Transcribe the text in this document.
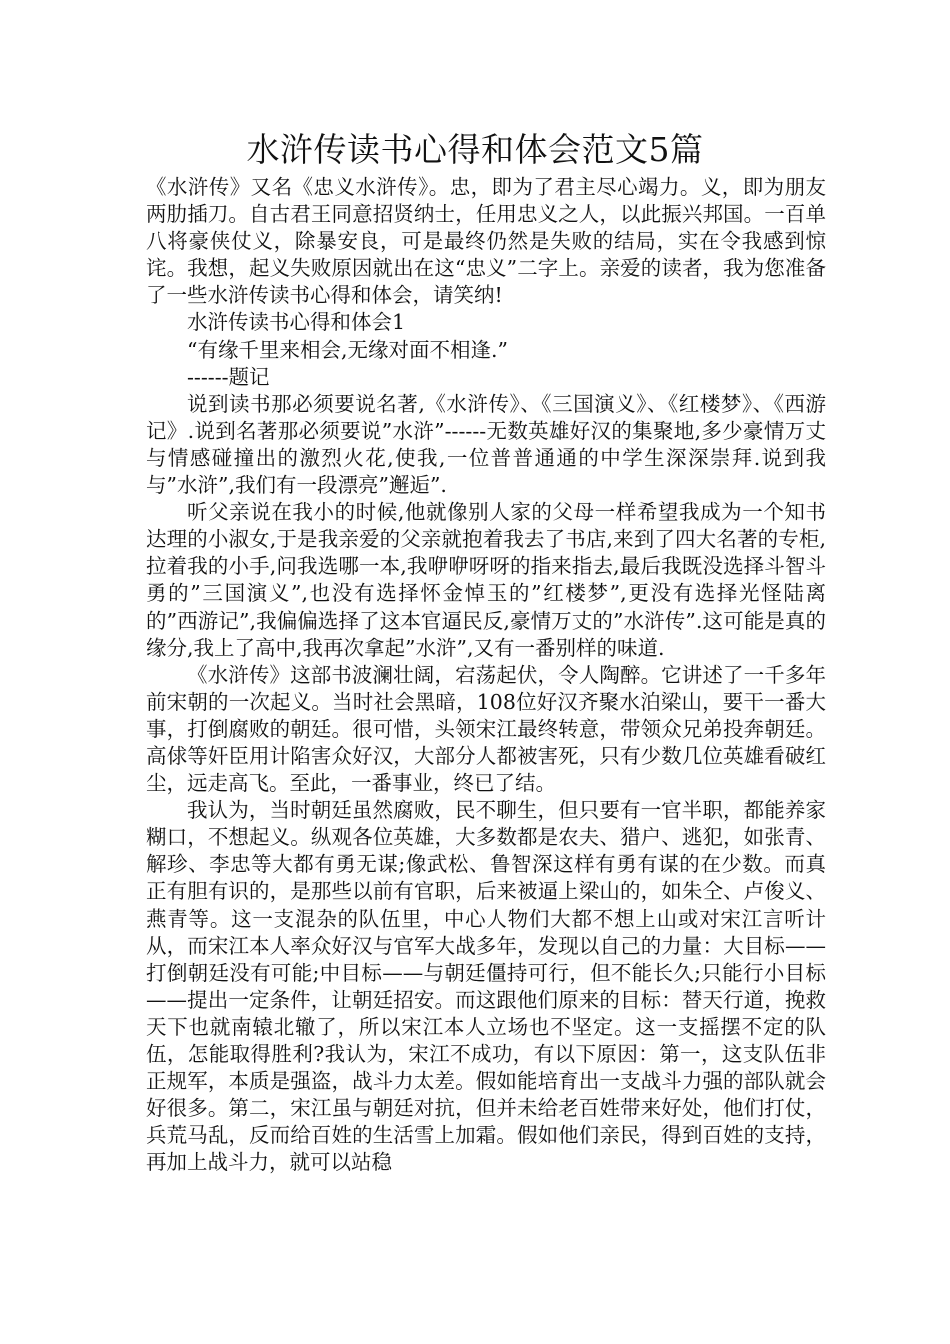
水浒传读书心得和体会范文5篇

《水浒传》又名《忠义水浒传》。忠，即为了君主尽心竭力。义，即为朋友两肋插刀。自古君王同意招贤纳士，任用忠义之人，以此振兴邦国。一百单八将豪侠仗义，除暴安良，可是最终仍然是失败的结局，实在令我感到惊诧。我想，起义失败原因就出在这“忠义”二字上。亲爱的读者，我为您准备了一些水浒传读书心得和体会，请笑纳!

水浒传读书心得和体会1

“有缘千里来相会,无缘对面不相逢.”

------题记

说到读书那必须要说名著,《水浒传》、《三国演义》、《红楼梦》、《西游记》.说到名著那必须要说”水浒”------无数英雄好汉的集聚地,多少豪情万丈与情感碰撞出的激烈火花,使我,一位普普通通的中学生深深崇拜.说到我与”水浒”,我们有一段漂亮”邂逅”.

听父亲说在我小的时候,他就像别人家的父母一样希望我成为一个知书达理的小淑女,于是我亲爱的父亲就抱着我去了书店,来到了四大名著的专柜,拉着我的小手,问我选哪一本,我咿咿呀呀的指来指去,最后我既没选择斗智斗勇的”三国演义”,也没有选择怀金悼玉的”红楼梦”,更没有选择光怪陆离的”西游记”,我偏偏选择了这本官逼民反,豪情万丈的”水浒传”.这可能是真的缘分,我上了高中,我再次拿起”水浒”,又有一番别样的味道.

《水浒传》这部书波澜壮阔，宕荡起伏，令人陶醉。它讲述了一千多年前宋朝的一次起义。当时社会黑暗，108位好汉齐聚水泊梁山，要干一番大事，打倒腐败的朝廷。很可惜，头领宋江最终转意，带领众兄弟投奔朝廷。高俅等奸臣用计陷害众好汉，大部分人都被害死，只有少数几位英雄看破红尘，远走高飞。至此，一番事业，终已了结。

我认为，当时朝廷虽然腐败，民不聊生，但只要有一官半职，都能养家糊口，不想起义。纵观各位英雄，大多数都是农夫、猎户、逃犯，如张青、解珍、李忠等大都有勇无谋;像武松、鲁智深这样有勇有谋的在少数。而真正有胆有识的，是那些以前有官职，后来被逼上梁山的，如朱仝、卢俊义、燕青等。这一支混杂的队伍里，中心人物们大都不想上山或对宋江言听计从，而宋江本人率众好汉与官军大战多年，发现以自己的力量：大目标——打倒朝廷没有可能;中目标——与朝廷僵持可行，但不能长久;只能行小目标——提出一定条件，让朝廷招安。而这跟他们原来的目标：替天行道，挽救天下也就南辕北辙了，所以宋江本人立场也不坚定。这一支摇摆不定的队伍，怎能取得胜利?我认为，宋江不成功，有以下原因：第一，这支队伍非正规军，本质是强盗，战斗力太差。假如能培育出一支战斗力强的部队就会好很多。第二，宋江虽与朝廷对抗，但并未给老百姓带来好处，他们打仗，兵荒马乱，反而给百姓的生活雪上加霜。假如他们亲民，得到百姓的支持，再加上战斗力，就可以站稳
